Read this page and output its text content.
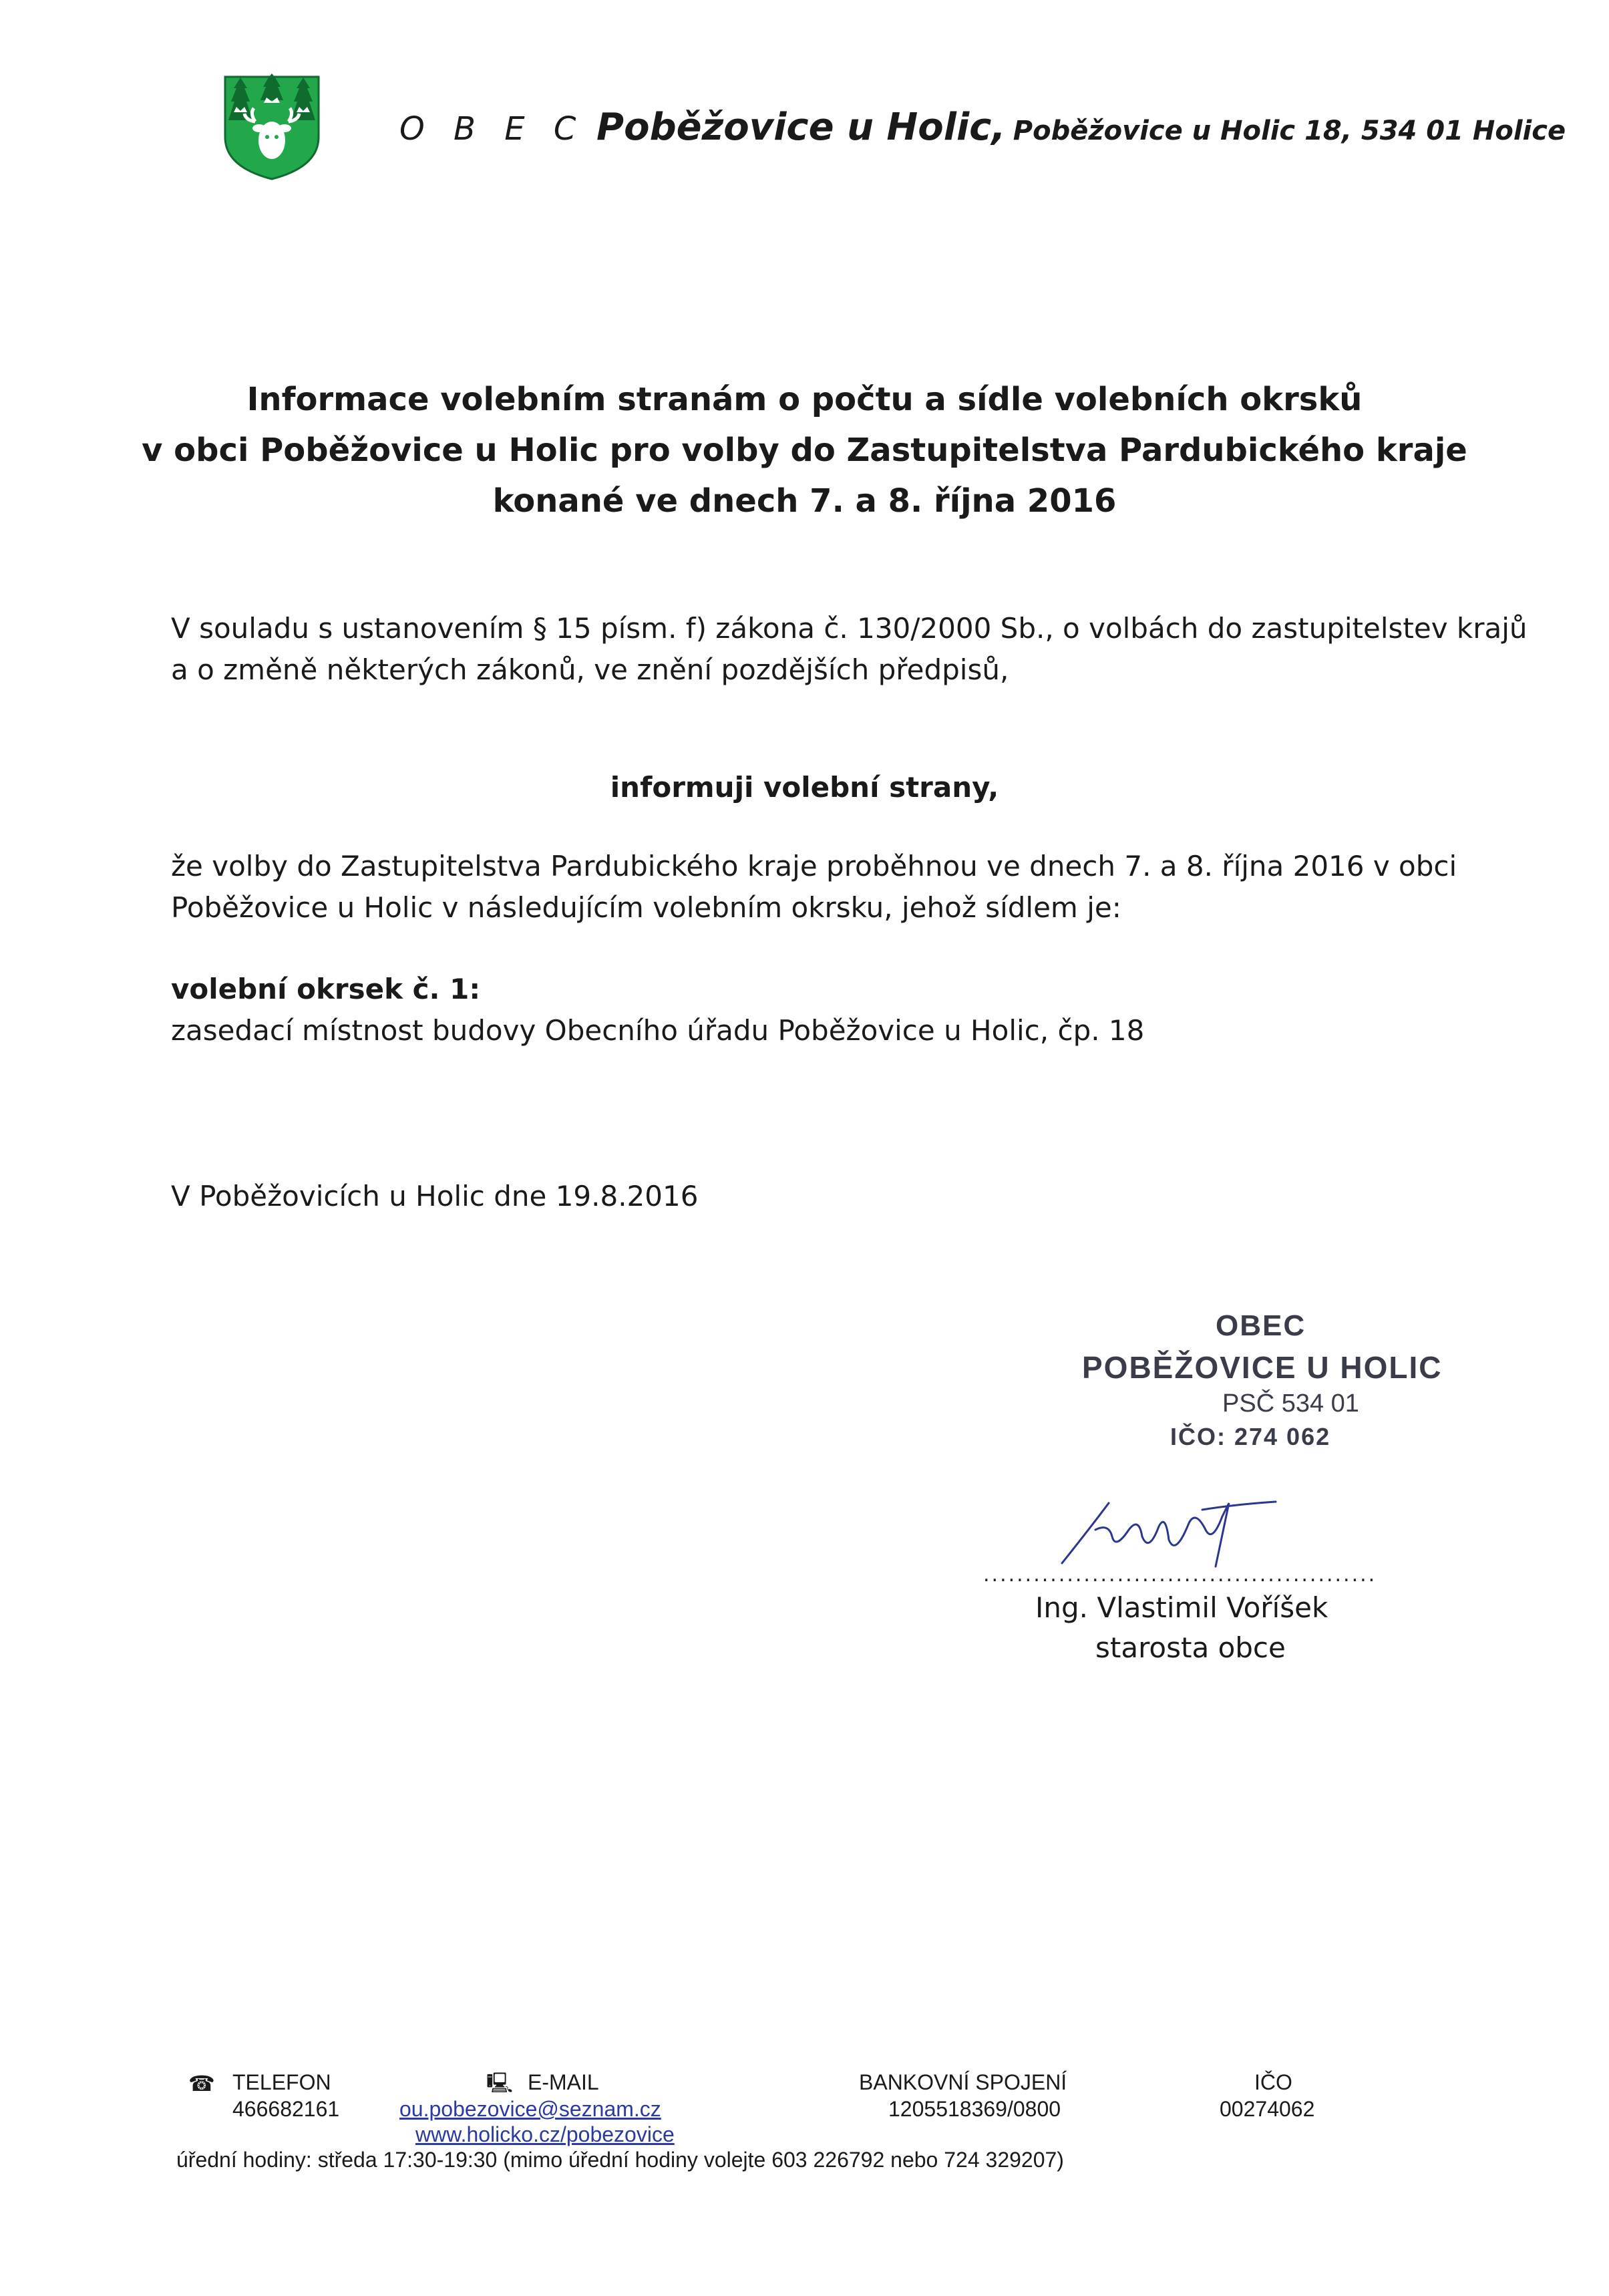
O B E C Poběžovice u Holic, Poběžovice u Holic 18, 534 01 Holice
Informace volebním stranám o počtu a sídle volebních okrsků
v obci Poběžovice u Holic pro volby do Zastupitelstva Pardubického kraje
konané ve dnech 7. a 8. října 2016
V souladu s ustanovením § 15 písm. f) zákona č. 130/2000 Sb., o volbách do zastupitelstev krajů
a o změně některých zákonů, ve znění pozdějších předpisů,
informuji volební strany,
že volby do Zastupitelstva Pardubického kraje proběhnou ve dnech 7. a 8. října 2016 v obci
Poběžovice u Holic v následujícím volebním okrsku, jehož sídlem je:
volební okrsek č. 1:
zasedací místnost budovy Obecního úřadu Poběžovice u Holic, čp. 18
V Poběžovicích u Holic dne 19.8.2016
OBEC
POBĚŽOVICE U HOLIC
PSČ 534 01
IČO: 274 062
...............................................
Ing. Vlastimil Voříšek
starosta obce
☎ TELEFON
466682161
🖳 E-MAIL
ou.pobezovice@seznam.cz
www.holicko.cz/pobezovice
BANKOVNÍ SPOJENÍ
1205518369/0800
IČO
00274062
úřední hodiny: středa 17:30-19:30 (mimo úřední hodiny volejte 603 226792 nebo 724 329207)
